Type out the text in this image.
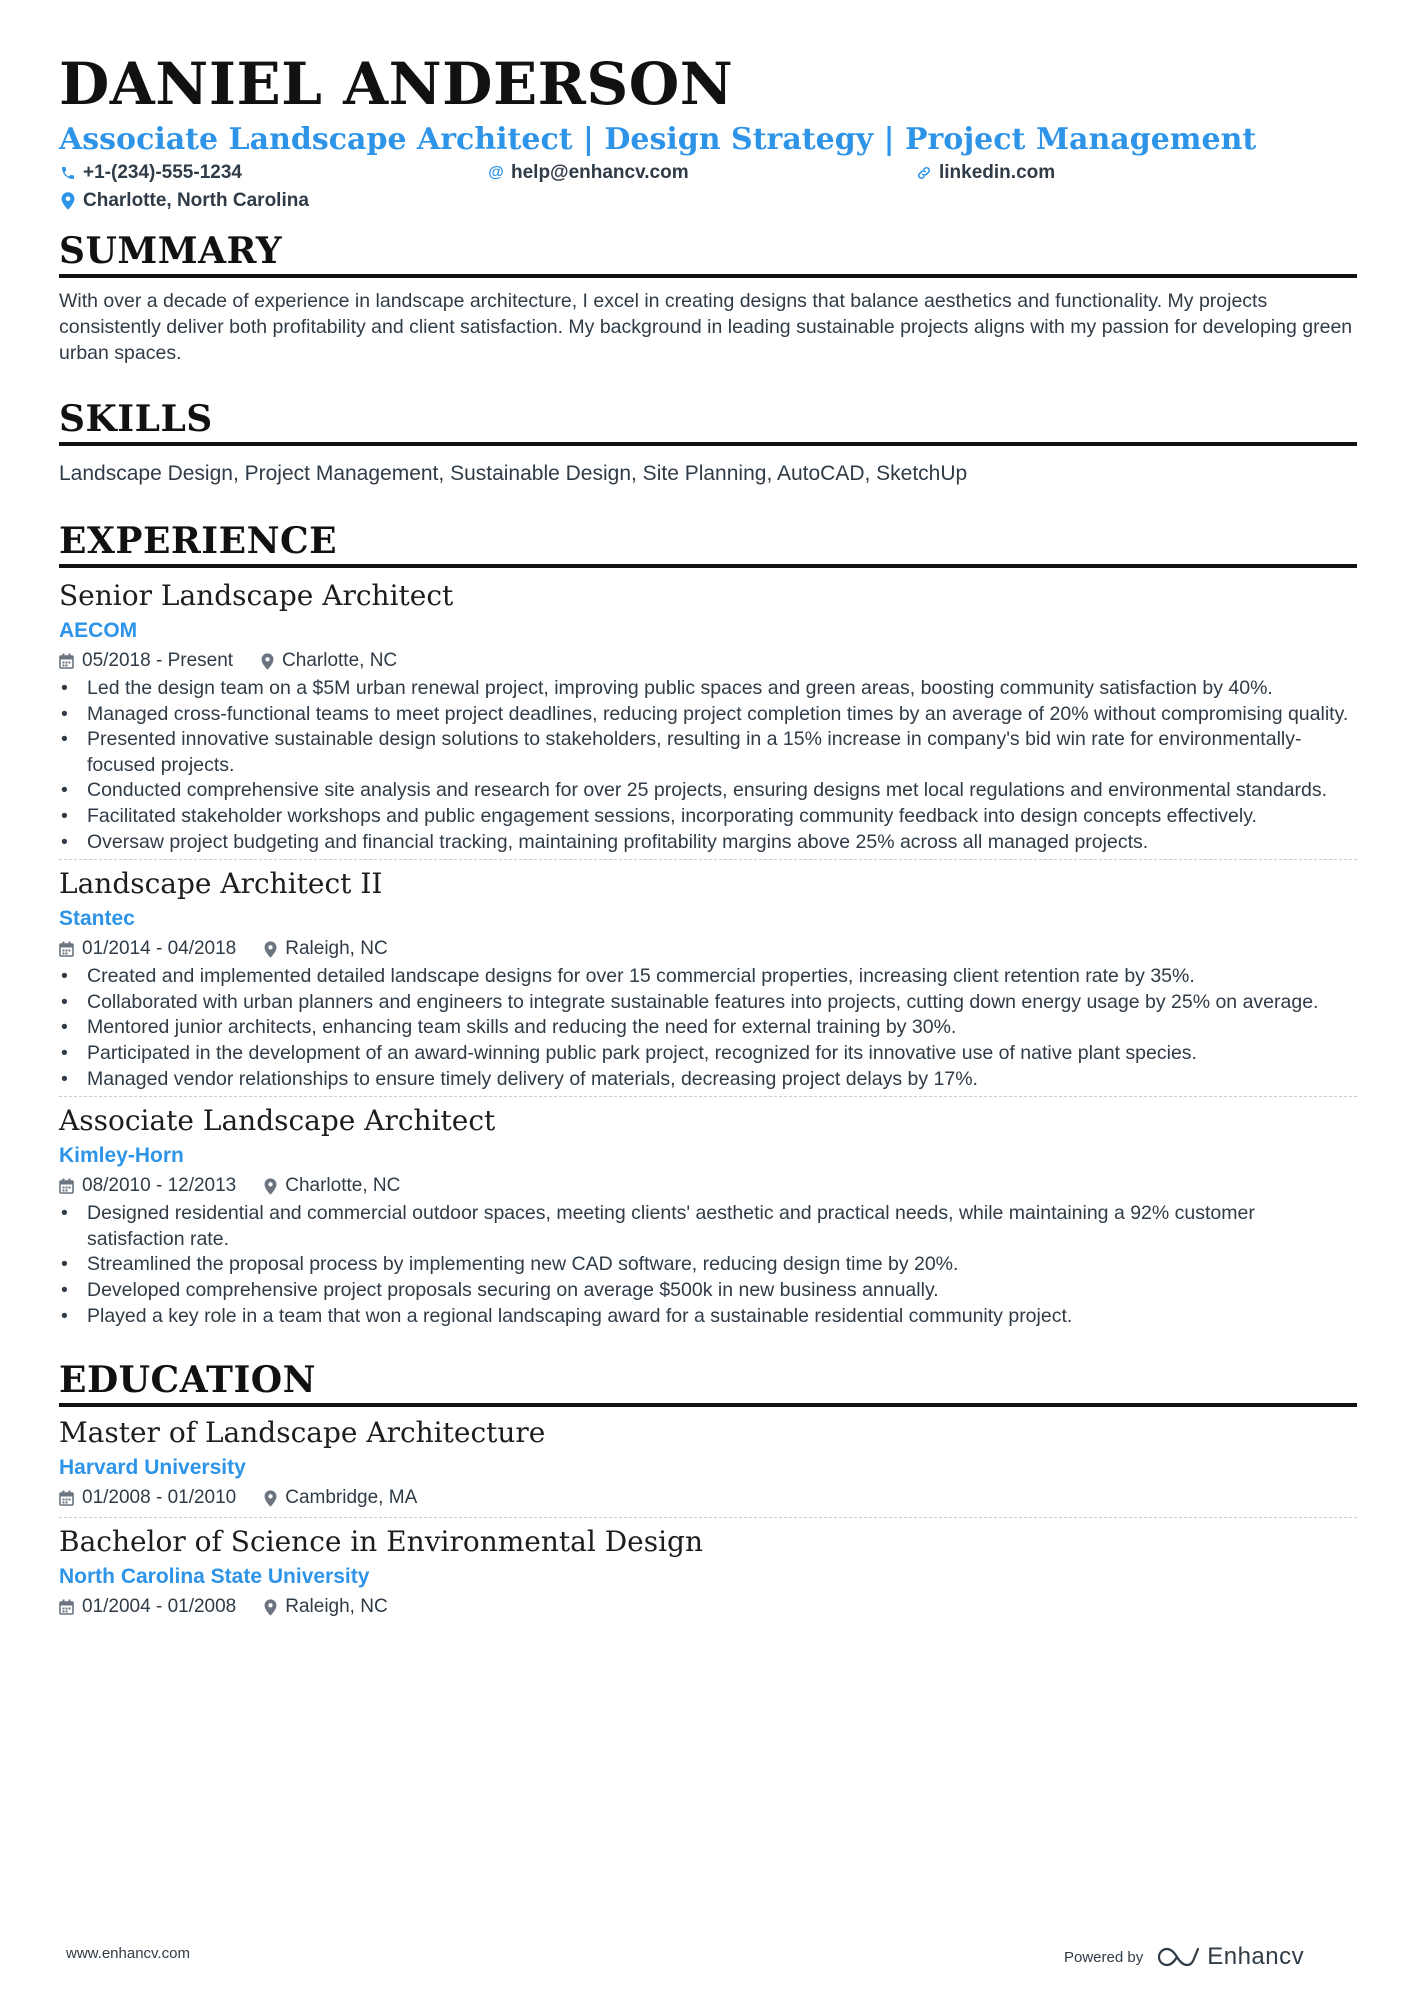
DANIEL ANDERSON
Associate Landscape Architect | Design Strategy | Project Management
+1-(234)-555-1234	@ help@enhancv.com	linkedin.com
Charlotte, North Carolina
SUMMARY
With over a decade of experience in landscape architecture, I excel in creating designs that balance aesthetics and functionality. My projects consistently deliver both profitability and client satisfaction. My background in leading sustainable projects aligns with my passion for developing green urban spaces.
SKILLS
Landscape Design, Project Management, Sustainable Design, Site Planning, AutoCAD, SketchUp
EXPERIENCE
Senior Landscape Architect
AECOM
05/2018 - Present	Charlotte, NC
• Led the design team on a $5M urban renewal project, improving public spaces and green areas, boosting community satisfaction by 40%.
• Managed cross-functional teams to meet project deadlines, reducing project completion times by an average of 20% without compromising quality.
• Presented innovative sustainable design solutions to stakeholders, resulting in a 15% increase in company's bid win rate for environmentally-focused projects.
• Conducted comprehensive site analysis and research for over 25 projects, ensuring designs met local regulations and environmental standards.
• Facilitated stakeholder workshops and public engagement sessions, incorporating community feedback into design concepts effectively.
• Oversaw project budgeting and financial tracking, maintaining profitability margins above 25% across all managed projects.
Landscape Architect II
Stantec
01/2014 - 04/2018	Raleigh, NC
• Created and implemented detailed landscape designs for over 15 commercial properties, increasing client retention rate by 35%.
• Collaborated with urban planners and engineers to integrate sustainable features into projects, cutting down energy usage by 25% on average.
• Mentored junior architects, enhancing team skills and reducing the need for external training by 30%.
• Participated in the development of an award-winning public park project, recognized for its innovative use of native plant species.
• Managed vendor relationships to ensure timely delivery of materials, decreasing project delays by 17%.
Associate Landscape Architect
Kimley-Horn
08/2010 - 12/2013	Charlotte, NC
• Designed residential and commercial outdoor spaces, meeting clients' aesthetic and practical needs, while maintaining a 92% customer satisfaction rate.
• Streamlined the proposal process by implementing new CAD software, reducing design time by 20%.
• Developed comprehensive project proposals securing on average $500k in new business annually.
• Played a key role in a team that won a regional landscaping award for a sustainable residential community project.
EDUCATION
Master of Landscape Architecture
Harvard University
01/2008 - 01/2010	Cambridge, MA
Bachelor of Science in Environmental Design
North Carolina State University
01/2004 - 01/2008	Raleigh, NC
www.enhancv.com	Powered by	Enhancv
